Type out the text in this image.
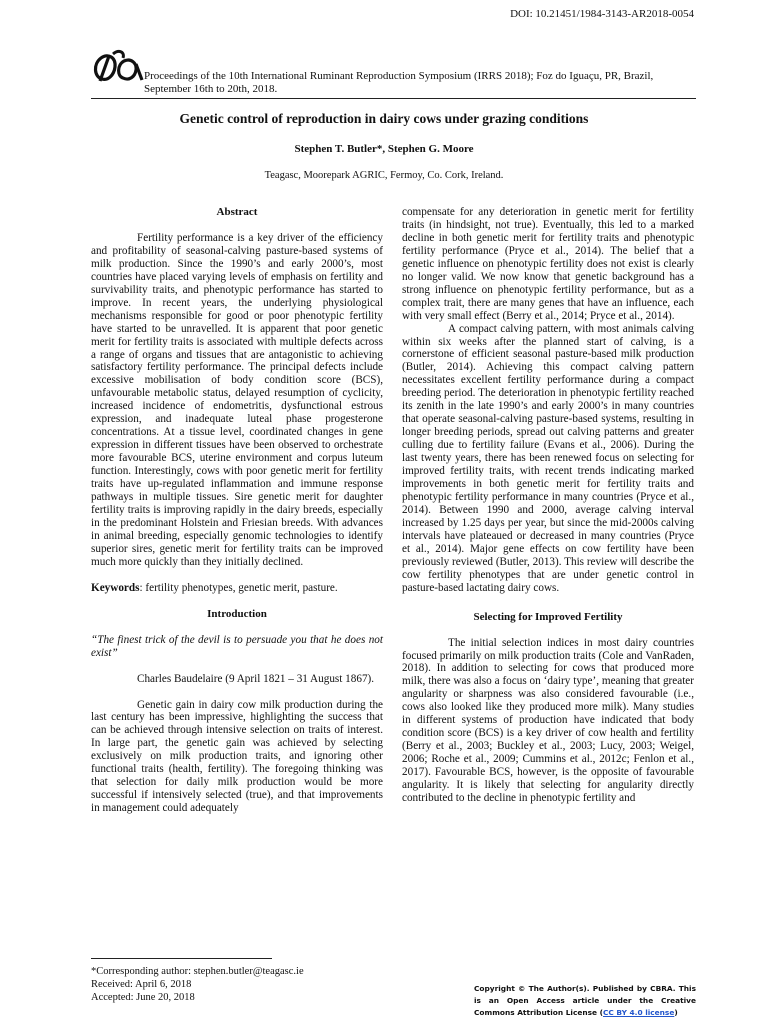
DOI: 10.21451/1984-3143-AR2018-0054
Proceedings of the 10th International Ruminant Reproduction Symposium (IRRS 2018); Foz do Iguaçu, PR, Brazil, September 16th to 20th, 2018.
Genetic control of reproduction in dairy cows under grazing conditions
Stephen T. Butler*, Stephen G. Moore
Teagasc, Moorepark AGRIC, Fermoy, Co. Cork, Ireland.
Abstract

Fertility performance is a key driver of the efficiency and profitability of seasonal-calving pasture-based systems of milk production. Since the 1990’s and early 2000’s, most countries have placed varying levels of emphasis on fertility and survivability traits, and phenotypic performance has started to improve. In recent years, the underlying physiological mechanisms responsible for good or poor phenotypic fertility have started to be unravelled. It is apparent that poor genetic merit for fertility traits is associated with multiple defects across a range of organs and tissues that are antagonistic to achieving satisfactory fertility performance. The principal defects include excessive mobilisation of body condition score (BCS), unfavourable metabolic status, delayed resumption of cyclicity, increased incidence of endometritis, dysfunctional estrous expression, and inadequate luteal phase progesterone concentrations. At a tissue level, coordinated changes in gene expression in different tissues have been observed to orchestrate more favourable BCS, uterine environment and corpus luteum function. Interestingly, cows with poor genetic merit for fertility traits have up-regulated inflammation and immune response pathways in multiple tissues. Sire genetic merit for daughter fertility traits is improving rapidly in the dairy breeds, especially in the predominant Holstein and Friesian breeds. With advances in animal breeding, especially genomic technologies to identify superior sires, genetic merit for fertility traits can be improved much more quickly than they initially declined.

Keywords: fertility phenotypes, genetic merit, pasture.

Introduction

“The finest trick of the devil is to persuade you that he does not exist”

Charles Baudelaire (9 April 1821 – 31 August 1867).

Genetic gain in dairy cow milk production during the last century has been impressive, highlighting the success that can be achieved through intensive selection on traits of interest. In large part, the genetic gain was achieved by selecting exclusively on milk production traits, and ignoring other functional traits (health, fertility). The foregoing thinking was that selection for daily milk production would be more successful if intensively selected (true), and that improvements in management could adequately

compensate for any deterioration in genetic merit for fertility traits (in hindsight, not true). Eventually, this led to a marked decline in both genetic merit for fertility traits and phenotypic fertility performance (Pryce et al., 2014). The belief that a genetic influence on phenotypic fertility does not exist is clearly no longer valid. We now know that genetic background has a strong influence on phenotypic fertility performance, but as a complex trait, there are many genes that have an influence, each with very small effect (Berry et al., 2014; Pryce et al., 2014).

A compact calving pattern, with most animals calving within six weeks after the planned start of calving, is a cornerstone of efficient seasonal pasture-based milk production (Butler, 2014). Achieving this compact calving pattern necessitates excellent fertility performance during a compact breeding period. The deterioration in phenotypic fertility reached its zenith in the late 1990’s and early 2000’s in many countries that operate seasonal-calving pasture-based systems, resulting in longer breeding periods, spread out calving patterns and greater culling due to fertility failure (Evans et al., 2006). During the last twenty years, there has been renewed focus on selecting for improved fertility traits, with recent trends indicating marked improvements in both genetic merit for fertility traits and phenotypic fertility performance in many countries (Pryce et al., 2014). Between 1990 and 2000, average calving interval increased by 1.25 days per year, but since the mid-2000s calving intervals have plateaued or decreased in many countries (Pryce et al., 2014). Major gene effects on cow fertility have been previously reviewed (Butler, 2013). This review will describe the cow fertility phenotypes that are under genetic control in pasture-based lactating dairy cows.

Selecting for Improved Fertility

The initial selection indices in most dairy countries focused primarily on milk production traits (Cole and VanRaden, 2018). In addition to selecting for cows that produced more milk, there was also a focus on ‘dairy type’, meaning that greater angularity or sharpness was also considered favourable (i.e., cows also looked like they produced more milk). Many studies in different systems of production have indicated that body condition score (BCS) is a key driver of cow health and fertility (Berry et al., 2003; Buckley et al., 2003; Lucy, 2003; Weigel, 2006; Roche et al., 2009; Cummins et al., 2012c; Fenlon et al., 2017). Favourable BCS, however, is the opposite of favourable angularity. It is likely that selecting for angularity directly contributed to the decline in phenotypic fertility and

*Corresponding author: stephen.butler@teagasc.ie
Received: April 6, 2018
Accepted: June 20, 2018
Copyright © The Author(s). Published by CBRA. This is an Open Access article under the Creative Commons Attribution License (CC BY 4.0 license)
